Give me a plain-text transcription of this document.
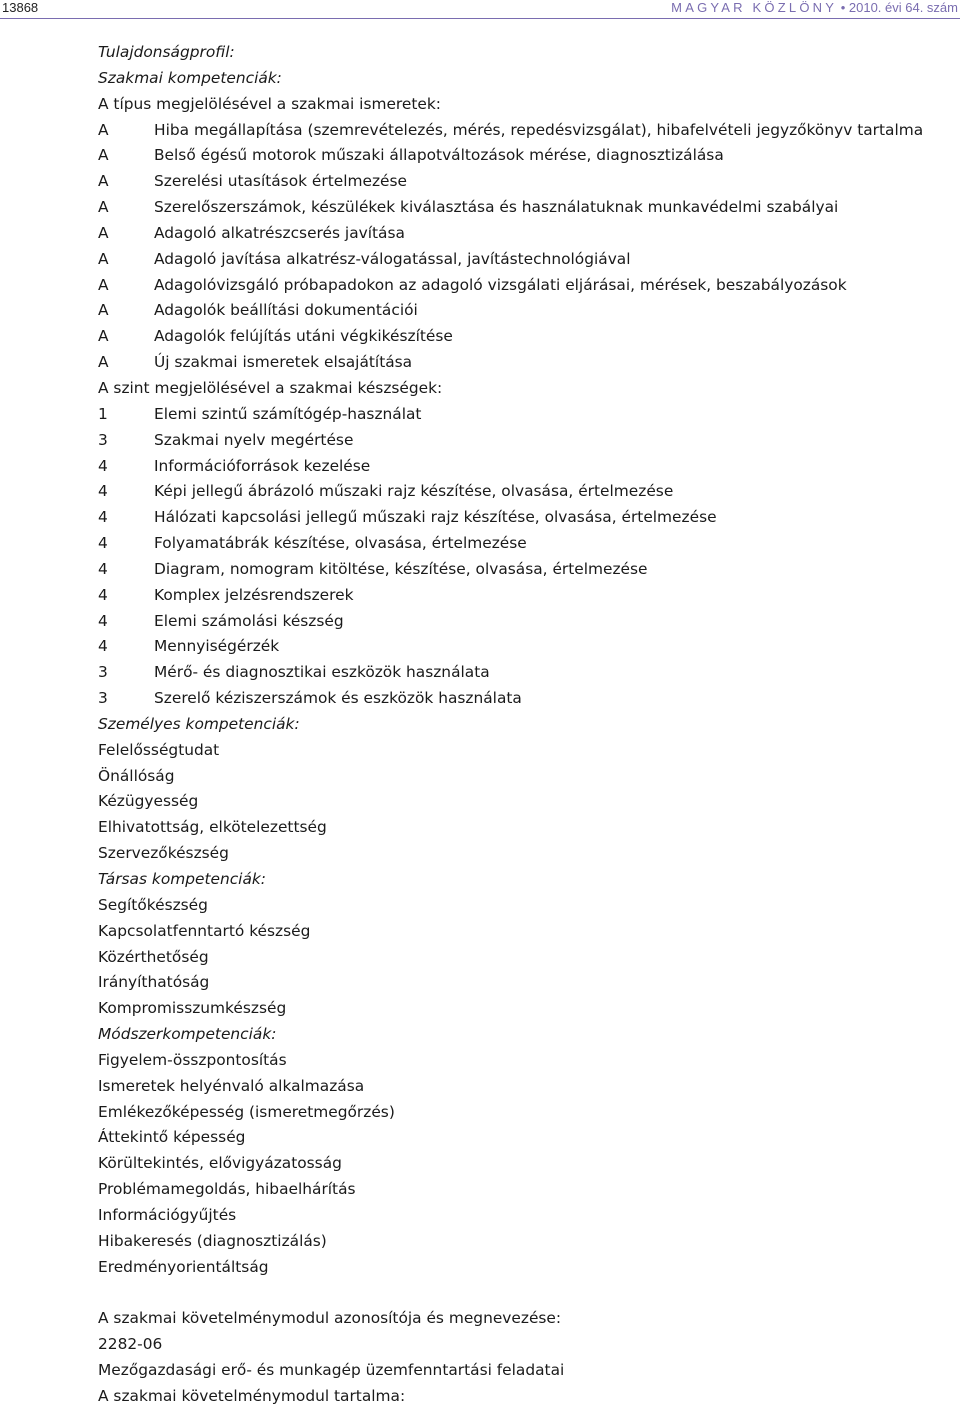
13868	MAGYAR KÖZLÖNY • 2010. évi 64. szám
Tulajdonságprofil:
Szakmai kompetenciák:
A típus megjelölésével a szakmai ismeretek:
A	Hiba megállapítása (szemrevételezés, mérés, repedésvizsgálat), hibafelvételi jegyzőkönyv tartalma
A	Belső égésű motorok műszaki állapotváltozások mérése, diagnosztizálása
A	Szerelési utasítások értelmezése
A	Szerelőszerszámok, készülékek kiválasztása és használatuknak munkavédelmi szabályai
A	Adagoló alkatrészcserés javítása
A	Adagoló javítása alkatrész-válogatással, javítástechnológiával
A	Adagolóvizsgáló próbapadokon az adagoló vizsgálati eljárásai, mérések, beszabályozások
A	Adagolók beállítási dokumentációi
A	Adagolók felújítás utáni végkikészítése
A	Új szakmai ismeretek elsajátítása
A szint megjelölésével a szakmai készségek:
1	Elemi szintű számítógép-használat
3	Szakmai nyelv megértése
4	Információforrások kezelése
4	Képi jellegű ábrázoló műszaki rajz készítése, olvasása, értelmezése
4	Hálózati kapcsolási jellegű műszaki rajz készítése, olvasása, értelmezése
4	Folyamatábrák készítése, olvasása, értelmezése
4	Diagram, nomogram kitöltése, készítése, olvasása, értelmezése
4	Komplex jelzésrendszerek
4	Elemi számolási készség
4	Mennyiségérzék
3	Mérő- és diagnosztikai eszközök használata
3	Szerelő kéziszerszámok és eszközök használata
Személyes kompetenciák:
Felelősségtudat
Önállóság
Kézügyesség
Elhivatottság, elkötelezettség
Szervezőkészség
Társas kompetenciák:
Segítőkészség
Kapcsolatfenntartó készség
Közérthetőség
Irányíthatóság
Kompromisszumkészség
Módszerkompetenciák:
Figyelem-összpontosítás
Ismeretek helyénvaló alkalmazása
Emlékezőképesség (ismeretmegőrzés)
Áttekintő képesség
Körültekintés, elővigyázatosság
Problémamegoldás, hibaelhárítás
Információgyűjtés
Hibakeresés (diagnosztizálás)
Eredményorientáltság
A szakmai követelménymodul azonosítója és megnevezése:
2282-06
Mezőgazdasági erő- és munkagép üzemfenntartási feladatai
A szakmai követelménymodul tartalma:
